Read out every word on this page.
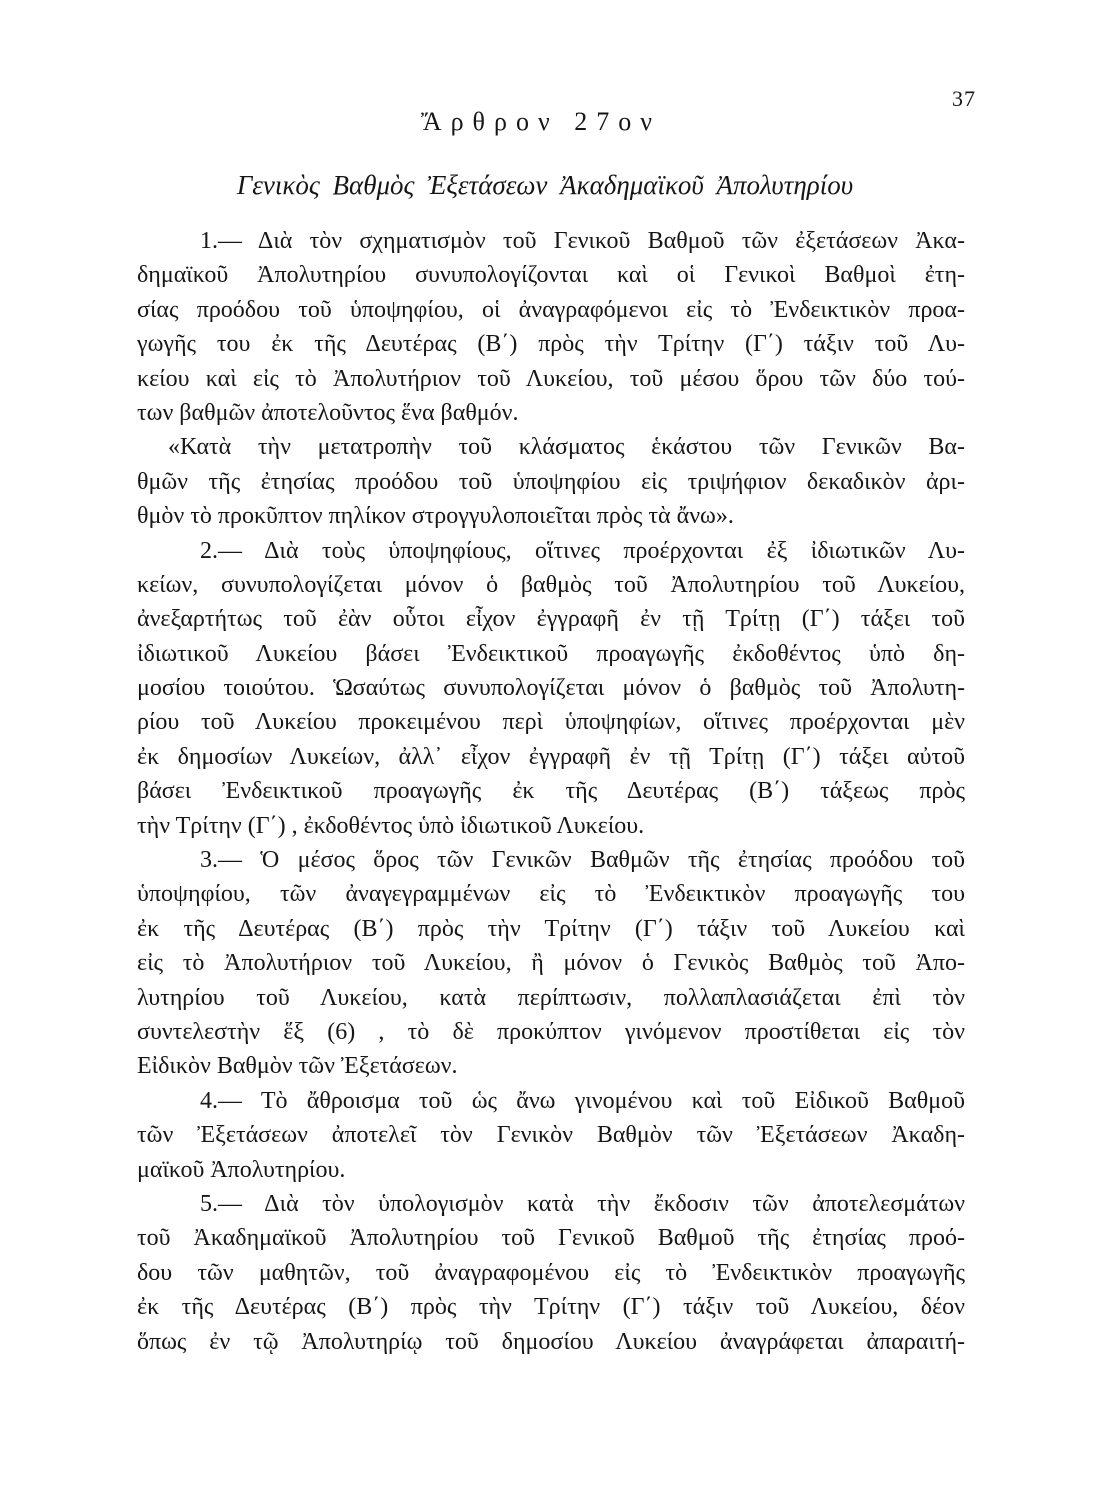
37
Ἄρθρον 27ον
Γενικὸς Βαθμὸς Ἐξετάσεων Ἀκαδημαϊκοῦ Ἀπολυτηρίου
1.— Διὰ τὸν σχηματισμὸν τοῦ Γενικοῦ Βαθμοῦ τῶν ἐξετάσεων Ἀκα-
δημαϊκοῦ Ἀπολυτηρίου συνυπολογίζονται καὶ οἱ Γενικοὶ Βαθμοὶ ἐτη-
σίας προόδου τοῦ ὑποψηφίου, οἱ ἀναγραφόμενοι εἰς τὸ Ἐνδεικτικὸν προα-
γωγῆς του ἐκ τῆς Δευτέρας (Β΄) πρὸς τὴν Τρίτην (Γ΄) τάξιν τοῦ Λυ-
κείου καὶ εἰς τὸ Ἀπολυτήριον τοῦ Λυκείου, τοῦ μέσου ὅρου τῶν δύο τού-
των βαθμῶν ἀποτελοῦντος ἕνα βαθμόν.
«Κατὰ τὴν μετατροπὴν τοῦ κλάσματος ἑκάστου τῶν Γενικῶν Βα-
θμῶν τῆς ἐτησίας προόδου τοῦ ὑποψηφίου εἰς τριψήφιον δεκαδικὸν ἀρι-
θμὸν τὸ προκῦπτον πηλίκον στρογγυλοποιεῖται πρὸς τὰ ἄνω».
2.— Διὰ τοὺς ὑποψηφίους, οἵτινες προέρχονται ἐξ ἰδιωτικῶν Λυ-
κείων, συνυπολογίζεται μόνον ὁ βαθμὸς τοῦ Ἀπολυτηρίου τοῦ Λυκείου,
ἀνεξαρτήτως τοῦ ἐὰν οὗτοι εἶχον ἐγγραφῆ ἐν τῇ Τρίτῃ (Γ΄) τάξει τοῦ
ἰδιωτικοῦ Λυκείου βάσει Ἐνδεικτικοῦ προαγωγῆς ἐκδοθέντος ὑπὸ δη-
μοσίου τοιούτου. Ὡσαύτως συνυπολογίζεται μόνον ὁ βαθμὸς τοῦ Ἀπολυτη-
ρίου τοῦ Λυκείου προκειμένου περὶ ὑποψηφίων, οἵτινες προέρχονται μὲν
ἐκ δημοσίων Λυκείων, ἀλλ᾽ εἶχον ἐγγραφῆ ἐν τῇ Τρίτῃ (Γ΄) τάξει αὐτοῦ
βάσει Ἐνδεικτικοῦ προαγωγῆς ἐκ τῆς Δευτέρας (Β΄) τάξεως πρὸς
τὴν Τρίτην (Γ΄) , ἐκδοθέντος ὑπὸ ἰδιωτικοῦ Λυκείου.
3.— Ὁ μέσος ὅρος τῶν Γενικῶν Βαθμῶν τῆς ἐτησίας προόδου τοῦ
ὑποψηφίου, τῶν ἀναγεγραμμένων εἰς τὸ Ἐνδεικτικὸν προαγωγῆς του
ἐκ τῆς Δευτέρας (Β΄) πρὸς τὴν Τρίτην (Γ΄) τάξιν τοῦ Λυκείου καὶ
εἰς τὸ Ἀπολυτήριον τοῦ Λυκείου, ἢ μόνον ὁ Γενικὸς Βαθμὸς τοῦ Ἀπο-
λυτηρίου τοῦ Λυκείου, κατὰ περίπτωσιν, πολλαπλασιάζεται ἐπὶ τὸν
συντελεστὴν ἕξ (6) , τὸ δὲ προκύπτον γινόμενον προστίθεται εἰς τὸν
Εἰδικὸν Βαθμὸν τῶν Ἐξετάσεων.
4.— Τὸ ἄθροισμα τοῦ ὡς ἄνω γινομένου καὶ τοῦ Εἰδικοῦ Βαθμοῦ
τῶν Ἐξετάσεων ἀποτελεῖ τὸν Γενικὸν Βαθμὸν τῶν Ἐξετάσεων Ἀκαδη-
μαϊκοῦ Ἀπολυτηρίου.
5.— Διὰ τὸν ὑπολογισμὸν κατὰ τὴν ἔκδοσιν τῶν ἀποτελεσμάτων
τοῦ Ἀκαδημαϊκοῦ Ἀπολυτηρίου τοῦ Γενικοῦ Βαθμοῦ τῆς ἐτησίας προό-
δου τῶν μαθητῶν, τοῦ ἀναγραφομένου εἰς τὸ Ἐνδεικτικὸν προαγωγῆς
ἐκ τῆς Δευτέρας (Β΄) πρὸς τὴν Τρίτην (Γ΄) τάξιν τοῦ Λυκείου, δέον
ὅπως ἐν τῷ Ἀπολυτηρίῳ τοῦ δημοσίου Λυκείου ἀναγράφεται ἀπαραιτή-
